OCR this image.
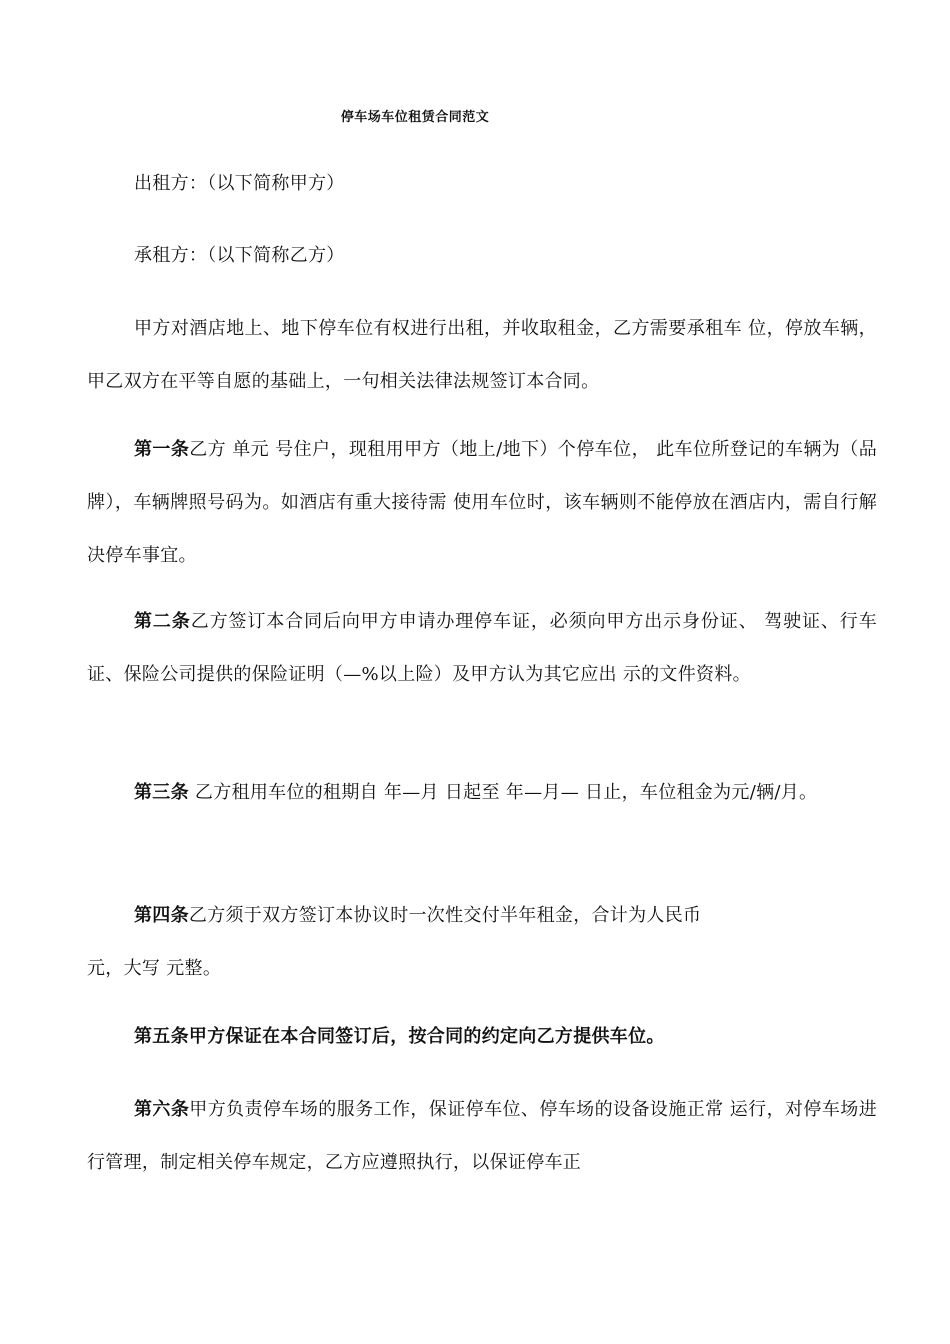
停车场车位租赁合同范文
出租方：（以下简称甲方）
承租方：（以下简称乙方）
甲方对酒店地上、地下停车位有权进行出租，并收取租金，乙方需要承租车 位，停放车辆，甲乙双方在平等自愿的基础上，一句相关法律法规签订本合同。
第一条乙方 单元 号住户，现租用甲方（地上/地下）个停车位， 此车位所登记的车辆为（品牌），车辆牌照号码为。如酒店有重大接待需 使用车位时，该车辆则不能停放在酒店内，需自行解决停车事宜。
第二条乙方签订本合同后向甲方申请办理停车证，必须向甲方出示身份证、 驾驶证、行车证、保险公司提供的保险证明（—%以上险）及甲方认为其它应出 示的文件资料。
第三条 乙方租用车位的租期自 年—月 日起至 年—月— 日止，车位租金为元/辆/月。
第四条乙方须于双方签订本协议时一次性交付半年租金，合计为人民币
元，大写 元整。
第五条甲方保证在本合同签订后，按合同的约定向乙方提供车位。
第六条甲方负责停车场的服务工作，保证停车位、停车场的设备设施正常 运行，对停车场进行管理，制定相关停车规定，乙方应遵照执行，以保证停车正
